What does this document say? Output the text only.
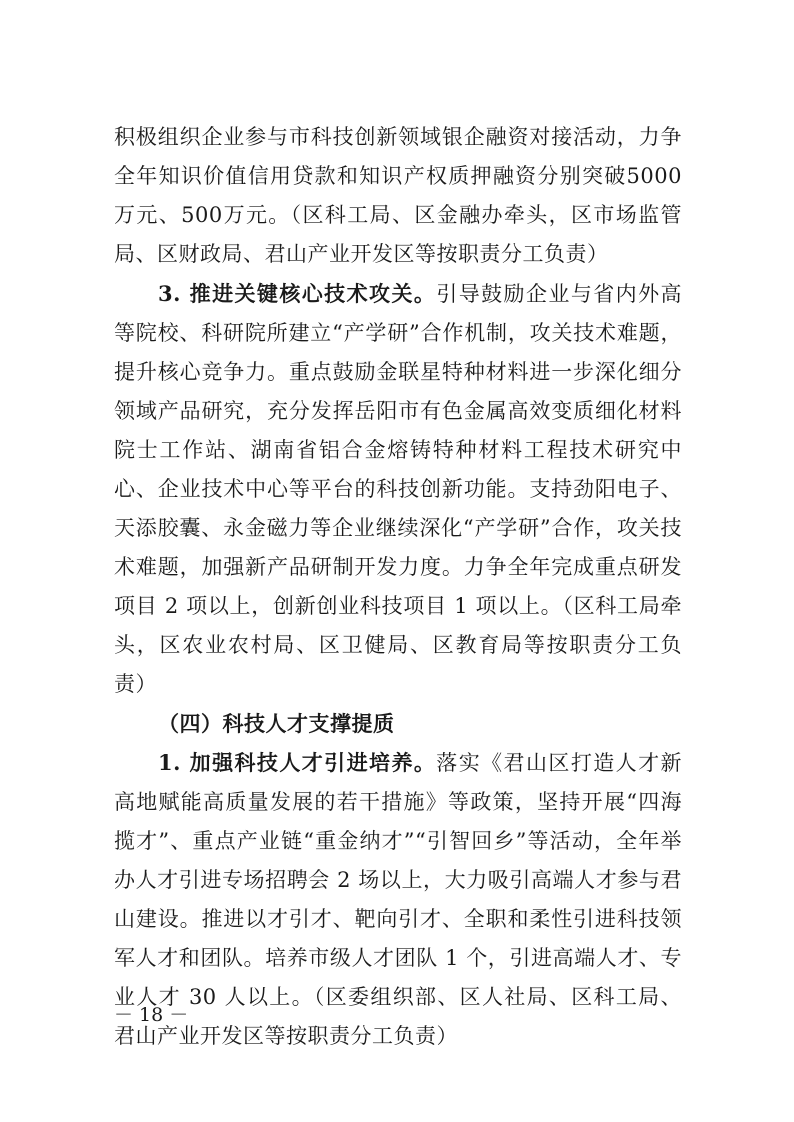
积极组织企业参与市科技创新领域银企融资对接活动，力争全年知识价值信用贷款和知识产权质押融资分别突破5000万元、500万元。（区科工局、区金融办牵头，区市场监管局、区财政局、君山产业开发区等按职责分工负责）

3. 推进关键核心技术攻关。引导鼓励企业与省内外高等院校、科研院所建立“产学研”合作机制，攻关技术难题，提升核心竞争力。重点鼓励金联星特种材料进一步深化细分领域产品研究，充分发挥岳阳市有色金属高效变质细化材料院士工作站、湖南省铝合金熔铸特种材料工程技术研究中心、企业技术中心等平台的科技创新功能。支持劲阳电子、天添胶囊、永金磁力等企业继续深化“产学研”合作，攻关技术难题，加强新产品研制开发力度。力争全年完成重点研发项目 2 项以上，创新创业科技项目 1 项以上。（区科工局牵头，区农业农村局、区卫健局、区教育局等按职责分工负责）

（四）科技人才支撑提质

1. 加强科技人才引进培养。落实《君山区打造人才新高地赋能高质量发展的若干措施》等政策，坚持开展“四海揽才”、重点产业链“重金纳才”“引智回乡”等活动，全年举办人才引进专场招聘会 2 场以上，大力吸引高端人才参与君山建设。推进以才引才、靶向引才、全职和柔性引进科技领军人才和团队。培养市级人才团队 1 个，引进高端人才、专业人才 30 人以上。（区委组织部、区人社局、区科工局、君山产业开发区等按职责分工负责）

－ 18 －
